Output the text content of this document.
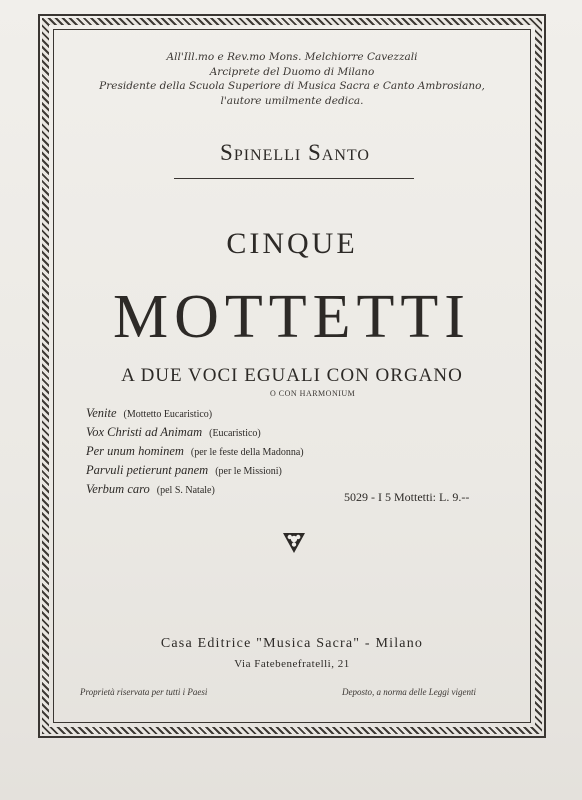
All'Ill.mo e Rev.mo Mons. Melchiorre Cavezzali
Arciprete del Duomo di Milano
Presidente della Scuola Superiore di Musica Sacra e Canto Ambrosiano,
l'autore umilmente dedica.
Spinelli Santo
CINQUE
MOTTETTI
A DUE VOCI EGUALI CON ORGANO
O CON HARMONIUM
Venite (Mottetto Eucaristico)
Vox Christi ad Animam (Eucaristico)
Per unum hominem (per le feste della Madonna)
Parvuli petierunt panem (per le Missioni)
Verbum caro (pel S. Natale)	5029 - I 5 Mottetti: L. 9.--
Casa Editrice "Musica Sacra" - Milano
Via Fatebenefratelli, 21
Proprietà riservata per tutti i Paesi	Deposto, a norma delle Leggi vigenti
